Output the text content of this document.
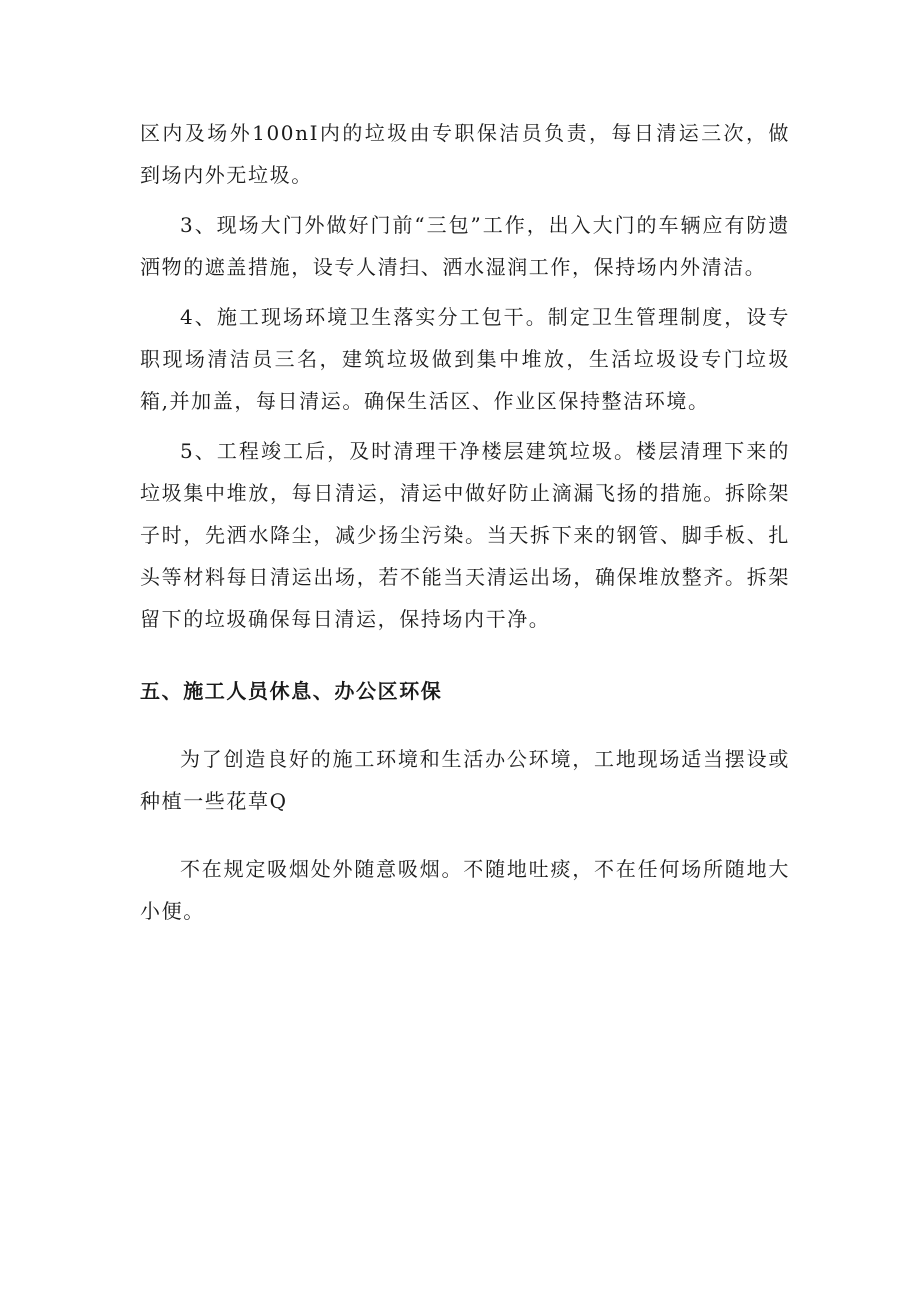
区内及场外100nI内的垃圾由专职保洁员负责，每日清运三次，做到场内外无垃圾。

3、现场大门外做好门前“三包”工作，出入大门的车辆应有防遗洒物的遮盖措施，设专人清扫、洒水湿润工作，保持场内外清洁。

4、施工现场环境卫生落实分工包干。制定卫生管理制度，设专职现场清洁员三名，建筑垃圾做到集中堆放，生活垃圾设专门垃圾箱,并加盖，每日清运。确保生活区、作业区保持整洁环境。

5、工程竣工后，及时清理干净楼层建筑垃圾。楼层清理下来的垃圾集中堆放，每日清运，清运中做好防止滴漏飞扬的措施。拆除架子时，先洒水降尘，减少扬尘污染。当天拆下来的钢管、脚手板、扎头等材料每日清运出场，若不能当天清运出场，确保堆放整齐。拆架留下的垃圾确保每日清运，保持场内干净。

五、施工人员休息、办公区环保

为了创造良好的施工环境和生活办公环境，工地现场适当摆设或种植一些花草Q

不在规定吸烟处外随意吸烟。不随地吐痰，不在任何场所随地大小便。
